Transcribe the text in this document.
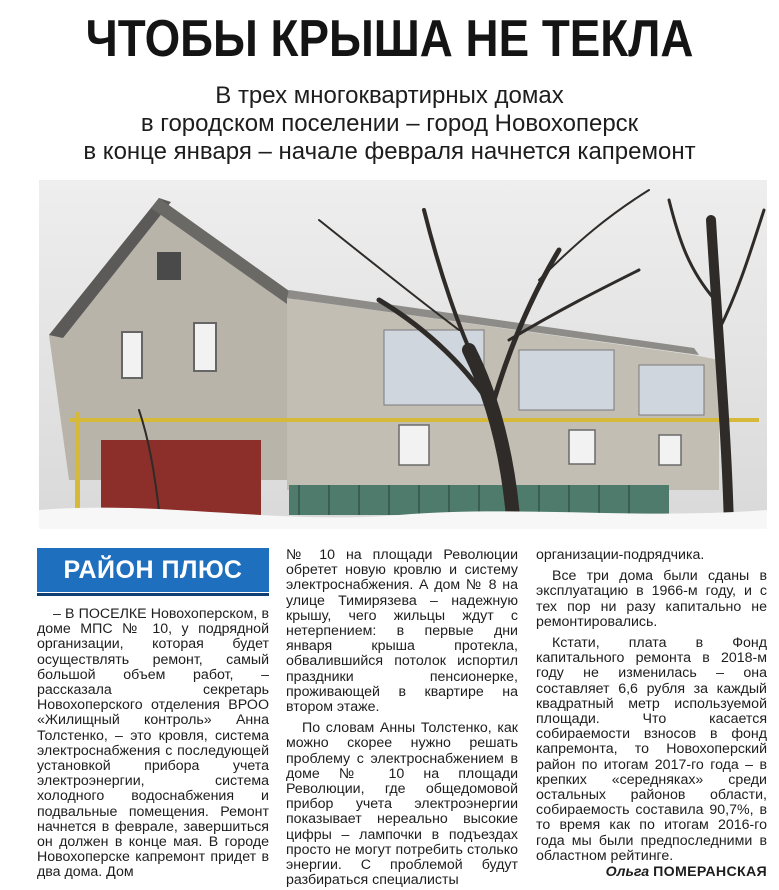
ЧТОБЫ КРЫША НЕ ТЕКЛА
В трех многоквартирных домах
в городском поселении – город Новохоперск
в конце января – начале февраля начнется капремонт
РАЙОН ПЛЮС

– В ПОСЕЛКЕ Новохоперском, в доме МПС № 10, у подрядной организации, которая будет осуществлять ремонт, самый большой объем работ, – рассказала секретарь Новохоперского отделения ВРОО «Жилищный контроль» Анна Толстенко, – это кровля, система электроснабжения с последующей установкой прибора учета электроэнергии, система холодного водоснабжения и подвальные помещения. Ремонт начнется в феврале, завершиться он должен в конце мая. В городе Новохоперске капремонт придет в два дома. Дом

№ 10 на площади Революции обретет новую кровлю и систему электроснабжения. А дом № 8 на улице Тимирязева – надежную крышу, чего жильцы ждут с нетерпением: в первые дни января крыша протекла, обвалившийся потолок испортил праздники пенсионерке, проживающей в квартире на втором этаже.

По словам Анны Толстенко, как можно скорее нужно решать проблему с электроснабжением в доме № 10 на площади Революции, где общедомовой прибор учета электроэнергии показывает нереально высокие цифры – лампочки в подъездах просто не могут потребить столько энергии. С проблемой будут разбираться специалисты

организации-подрядчика.

Все три дома были сданы в эксплуатацию в 1966-м году, и с тех пор ни разу капитально не ремонтировались.

Кстати, плата в Фонд капитального ремонта в 2018-м году не изменилась – она составляет 6,6 рубля за каждый квадратный метр используемой площади. Что касается собираемости взносов в фонд капремонта, то Новохоперский район по итогам 2017-го года – в крепких «середняках» среди остальных районов области, собираемость составила 90,7%, в то время как по итогам 2016-го года мы были предпоследними в областном рейтинге.

Ольга ПОМЕРАНСКАЯ
